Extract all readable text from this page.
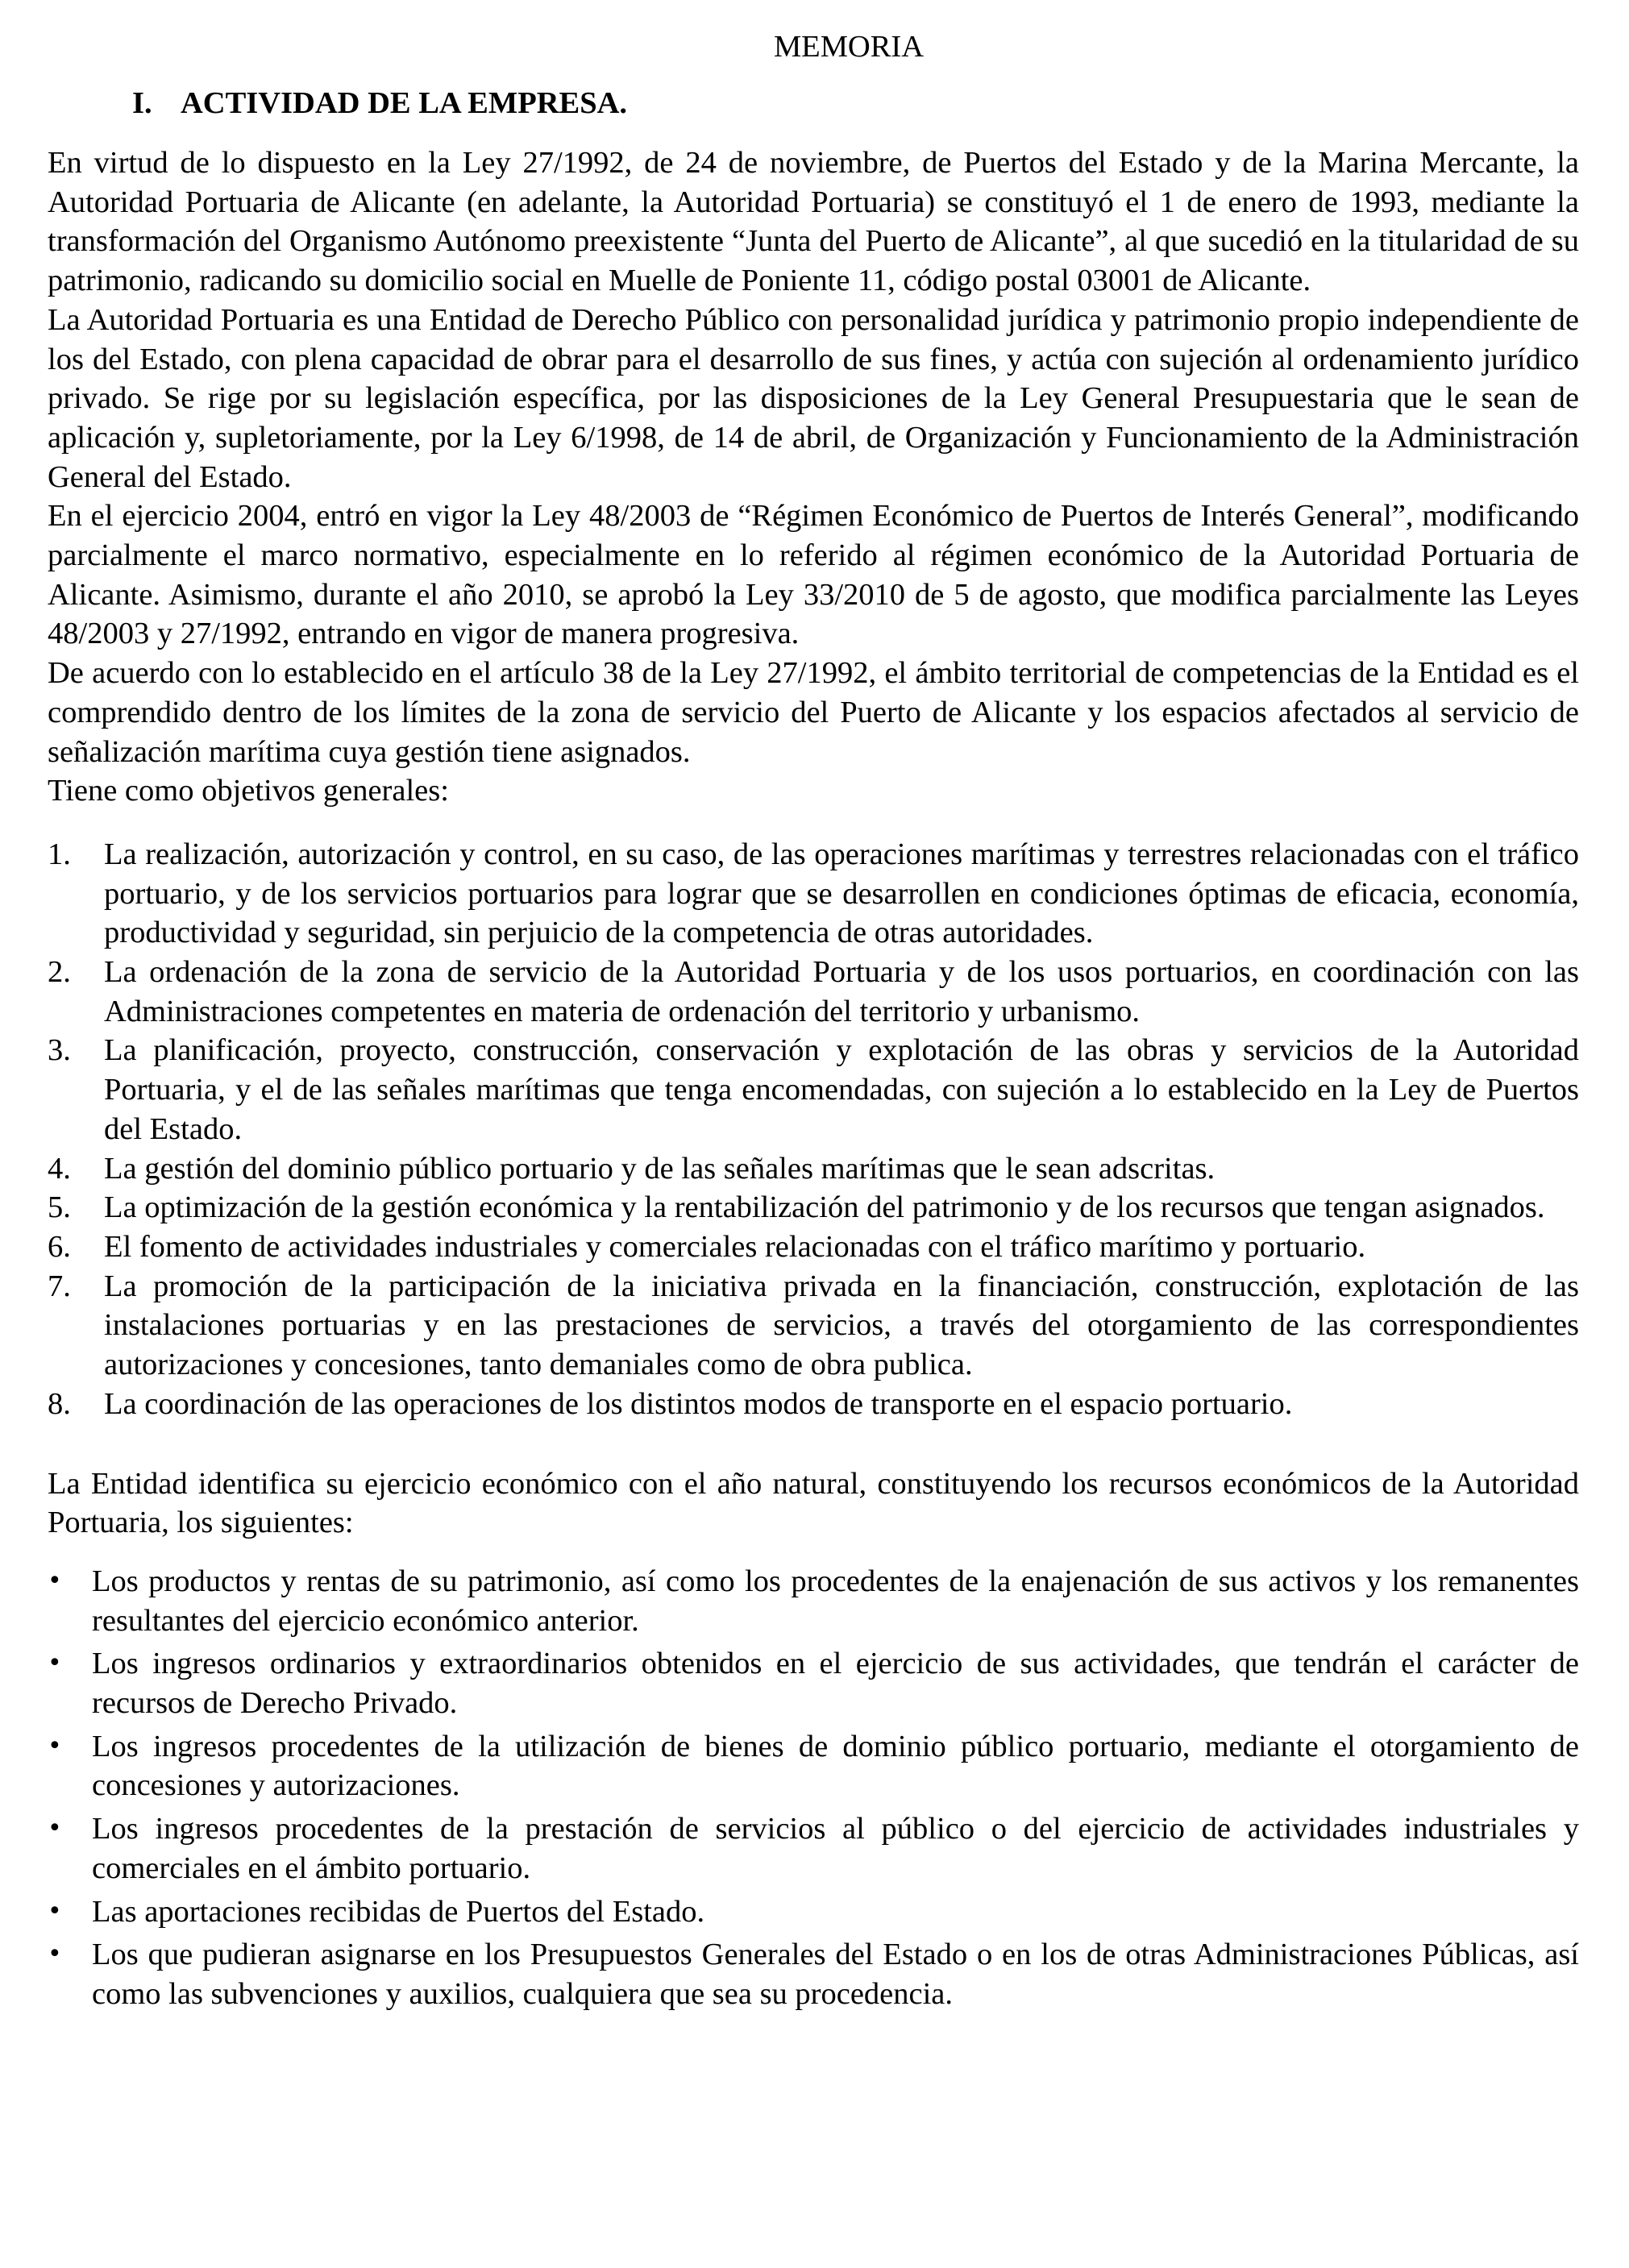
MEMORIA
I. ACTIVIDAD DE LA EMPRESA.

En virtud de lo dispuesto en la Ley 27/1992, de 24 de noviembre, de Puertos del Estado y de la Marina Mercante, la Autoridad Portuaria de Alicante (en adelante, la Autoridad Portuaria) se constituyó el 1 de enero de 1993, mediante la transformación del Organismo Autónomo preexistente “Junta del Puerto de Alicante”, al que sucedió en la titularidad de su patrimonio, radicando su domicilio social en Muelle de Poniente 11, código postal 03001 de Alicante.

La Autoridad Portuaria es una Entidad de Derecho Público con personalidad jurídica y patrimonio propio independiente de los del Estado, con plena capacidad de obrar para el desarrollo de sus fines, y actúa con sujeción al ordenamiento jurídico privado. Se rige por su legislación específica, por las disposiciones de la Ley General Presupuestaria que le sean de aplicación y, supletoriamente, por la Ley 6/1998, de 14 de abril, de Organización y Funcionamiento de la Administración General del Estado.

En el ejercicio 2004, entró en vigor la Ley 48/2003 de “Régimen Económico de Puertos de Interés General”, modificando parcialmente el marco normativo, especialmente en lo referido al régimen económico de la Autoridad Portuaria de Alicante. Asimismo, durante el año 2010, se aprobó la Ley 33/2010 de 5 de agosto, que modifica parcialmente las Leyes 48/2003 y 27/1992, entrando en vigor de manera progresiva.

De acuerdo con lo establecido en el artículo 38 de la Ley 27/1992, el ámbito territorial de competencias de la Entidad es el comprendido dentro de los límites de la zona de servicio del Puerto de Alicante y los espacios afectados al servicio de señalización marítima cuya gestión tiene asignados.

Tiene como objetivos generales:

1.	La realización, autorización y control, en su caso, de las operaciones marítimas y terrestres relacionadas con el tráfico portuario, y de los servicios portuarios para lograr que se desarrollen en condiciones óptimas de eficacia, economía, productividad y seguridad, sin perjuicio de la competencia de otras autoridades.
2.	La ordenación de la zona de servicio de la Autoridad Portuaria y de los usos portuarios, en coordinación con las Administraciones competentes en materia de ordenación del territorio y urbanismo.
3.	La planificación, proyecto, construcción, conservación y explotación de las obras y servicios de la Autoridad Portuaria, y el de las señales marítimas que tenga encomendadas, con sujeción a lo establecido en la Ley de Puertos del Estado.
4.	La gestión del dominio público portuario y de las señales marítimas que le sean adscritas.
5.	La optimización de la gestión económica y la rentabilización del patrimonio y de los recursos que tengan asignados.
6.	El fomento de actividades industriales y comerciales relacionadas con el tráfico marítimo y portuario.
7.	La promoción de la participación de la iniciativa privada en la financiación, construcción, explotación de las instalaciones portuarias y en las prestaciones de servicios, a través del otorgamiento de las correspondientes autorizaciones y concesiones, tanto demaniales como de obra publica.
8.	La coordinación de las operaciones de los distintos modos de transporte en el espacio portuario.

La Entidad identifica su ejercicio económico con el año natural, constituyendo los recursos económicos de la Autoridad Portuaria, los siguientes:

• Los productos y rentas de su patrimonio, así como los procedentes de la enajenación de sus activos y los remanentes resultantes del ejercicio económico anterior.
• Los ingresos ordinarios y extraordinarios obtenidos en el ejercicio de sus actividades, que tendrán el carácter de recursos de Derecho Privado.
• Los ingresos procedentes de la utilización de bienes de dominio público portuario, mediante el otorgamiento de concesiones y autorizaciones.
• Los ingresos procedentes de la prestación de servicios al público o del ejercicio de actividades industriales y comerciales en el ámbito portuario.
• Las aportaciones recibidas de Puertos del Estado.
• Los que pudieran asignarse en los Presupuestos Generales del Estado o en los de otras Administraciones Públicas, así como las subvenciones y auxilios, cualquiera que sea su procedencia.
